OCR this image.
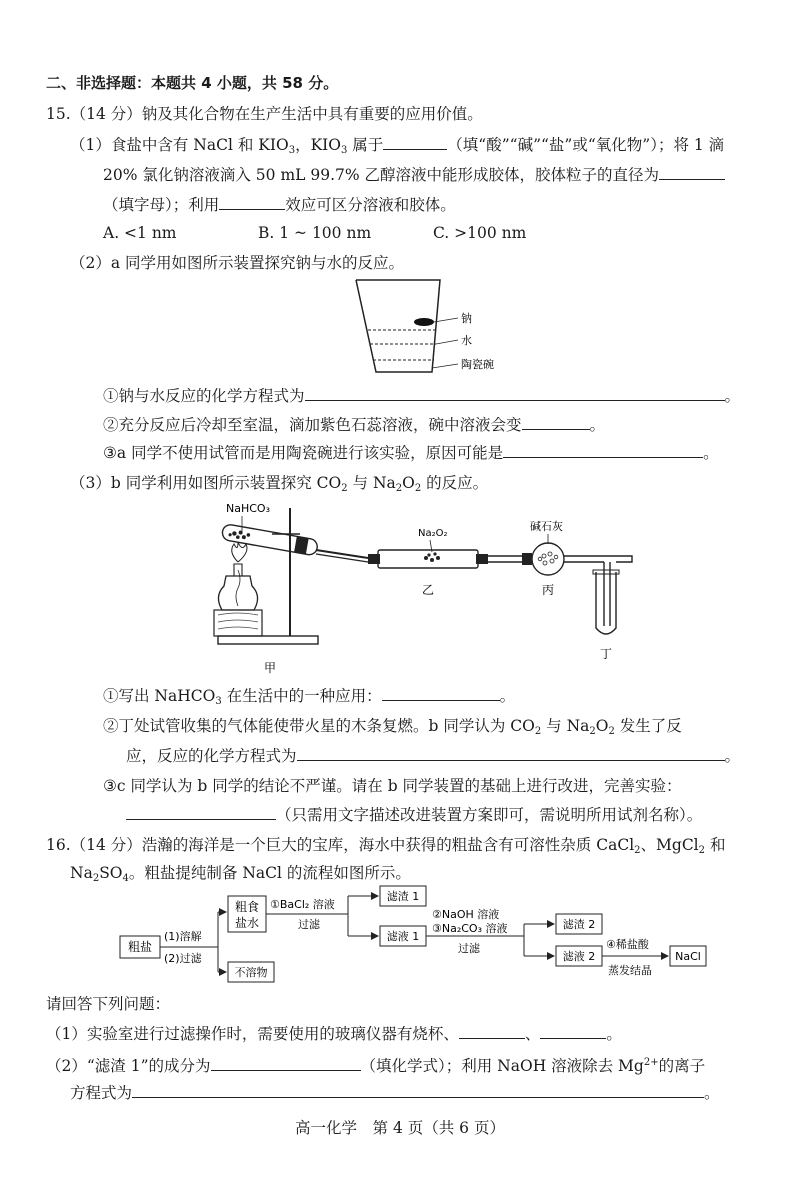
二、非选择题：本题共 4 小题，共 58 分。
15.（14 分）钠及其化合物在生产生活中具有重要的应用价值。
（1）食盐中含有 NaCl 和 $KIO_3$，$KIO_3$ 属于	（填“酸”“碱”“盐”或“氧化物”）；将 1 滴
20% 氯化钠溶液滴入 50 mL 99.7% 乙醇溶液中能形成胶体，胶体粒子的直径为
（填字母）；利用	效应可区分溶液和胶体。
A. <1 nm	B. 1 ~ 100 nm	C. >100 nm
（2）a 同学用如图所示装置探究钠与水的反应。
钠
水
陶瓷碗
①钠与水反应的化学方程式为	。
②充分反应后冷却至室温，滴加紫色石蕊溶液，碗中溶液会变	。
③a 同学不使用试管而是用陶瓷碗进行该实验，原因可能是	。
（3）b 同学利用如图所示装置探究 $CO_2$ 与 $Na_2O_2$ 的反应。
NaHCO₃
Na₂O₂
乙
碱石灰
丙
丁
甲
①写出 NaHCO$_3$ 在生活中的一种应用：	。
②丁处试管收集的气体能使带火星的木条复燃。b 同学认为 $CO_2$ 与 $Na_2O_2$ 发生了反
应，反应的化学方程式为	。
③c 同学认为 b 同学的结论不严谨。请在 b 同学装置的基础上进行改进，完善实验：
（只需用文字描述改进装置方案即可，需说明所用试剂名称）。
16.（14 分）浩瀚的海洋是一个巨大的宝库，海水中获得的粗盐含有可溶性杂质 CaCl$_2$、MgCl$_2$ 和
$Na_2SO_4$。粗盐提纯制备 NaCl 的流程如图所示。
粗盐
(1)溶解
(2)过滤
粗食
盐水
不溶物
①BaCl₂ 溶液
过滤
滤渣 1
滤液 1
②NaOH 溶液
③Na₂CO₃ 溶液
过滤
滤渣 2
滤液 2
④稀盐酸
蒸发结晶
NaCl
请回答下列问题：
（1）实验室进行过滤操作时，需要使用的玻璃仪器有烧杯、	、	。
（2）“滤渣 1”的成分为	（填化学式）；利用 NaOH 溶液除去 $Mg^{2+}$的离子
方程式为	。
高一化学　第 4 页（共 6 页）
